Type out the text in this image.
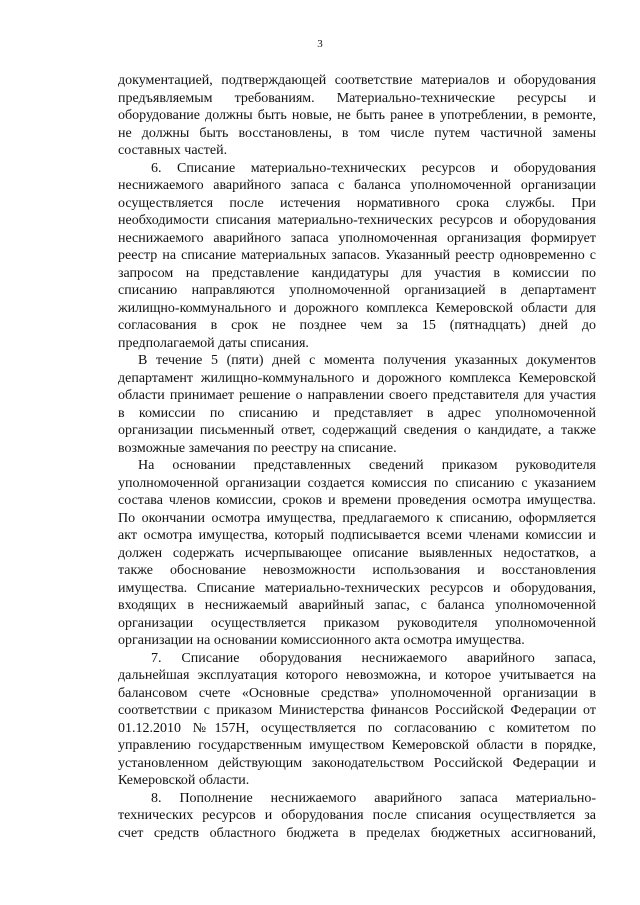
3
документацией, подтверждающей соответствие материалов и оборудования
предъявляемым требованиям. Материально-технические ресурсы и
оборудование должны быть новые, не быть ранее в употреблении, в ремонте,
не должны быть восстановлены, в том числе путем частичной замены
составных частей.
6. Списание материально-технических ресурсов и оборудования
неснижаемого аварийного запаса с баланса уполномоченной организации
осуществляется после истечения нормативного срока службы. При
необходимости списания материально-технических ресурсов и оборудования
неснижаемого аварийного запаса уполномоченная организация формирует
реестр на списание материальных запасов. Указанный реестр одновременно с
запросом на представление кандидатуры для участия в комиссии по
списанию направляются уполномоченной организацией в департамент
жилищно-коммунального и дорожного комплекса Кемеровской области для
согласования в срок не позднее чем за 15 (пятнадцать) дней до
предполагаемой даты списания.
В течение 5 (пяти) дней с момента получения указанных документов
департамент жилищно-коммунального и дорожного комплекса Кемеровской
области принимает решение о направлении своего представителя для участия
в комиссии по списанию и представляет в адрес уполномоченной
организации письменный ответ, содержащий сведения о кандидате, а также
возможные замечания по реестру на списание.
На основании представленных сведений приказом руководителя
уполномоченной организации создается комиссия по списанию с указанием
состава членов комиссии, сроков и времени проведения осмотра имущества.
По окончании осмотра имущества, предлагаемого к списанию, оформляется
акт осмотра имущества, который подписывается всеми членами комиссии и
должен содержать исчерпывающее описание выявленных недостатков, а
также обоснование невозможности использования и восстановления
имущества. Списание материально-технических ресурсов и оборудования,
входящих в неснижаемый аварийный запас, с баланса уполномоченной
организации осуществляется приказом руководителя уполномоченной
организации на основании комиссионного акта осмотра имущества.
7. Списание оборудования неснижаемого аварийного запаса,
дальнейшая эксплуатация которого невозможна, и которое учитывается на
балансовом счете «Основные средства» уполномоченной организации в
соответствии с приказом Министерства финансов Российской Федерации от
01.12.2010 №157Н, осуществляется по согласованию с комитетом по
управлению государственным имуществом Кемеровской области в порядке,
установленном действующим законодательством Российской Федерации и
Кемеровской области.
8. Пополнение неснижаемого аварийного запаса материально-
технических ресурсов и оборудования после списания осуществляется за
счет средств областного бюджета в пределах бюджетных ассигнований,
